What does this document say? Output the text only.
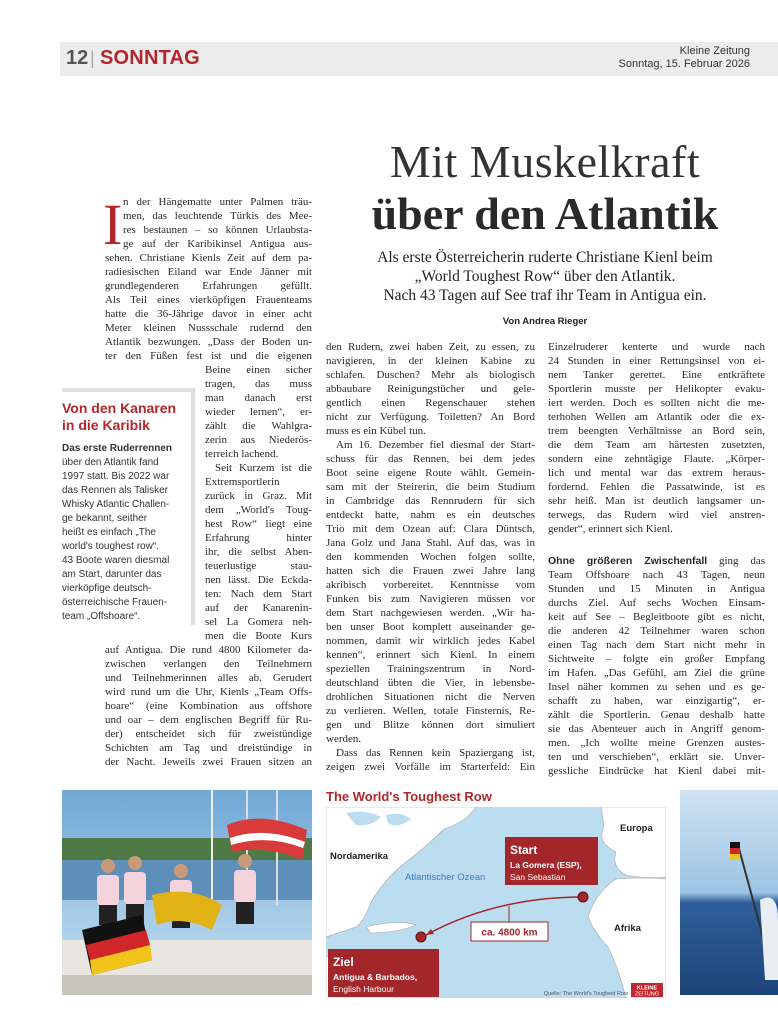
12 | SONNTAG	Kleine Zeitung
Sonntag, 15. Februar 2026
Mit Muskelkraft
über den Atlantik
Als erste Österreicherin ruderte Christiane Kienl beim
„World Toughest Row“ über den Atlantik.
Nach 43 Tagen auf See traf ihr Team in Antigua ein.
Von Andrea Rieger
I n der Hängematte unter Palmen träu-
men, das leuchtende Türkis des Mee-
res bestaunen – so können Urlaubsta-
ge auf der Karibikinsel Antigua aus-
sehen. Christiane Kienls Zeit auf dem pa-
radiesischen Eiland war Ende Jänner mit
grundlegenderen Erfahrungen gefüllt.
Als Teil eines vierköpfigen Frauenteams
hatte die 36-Jährige davor in einer acht
Meter kleinen Nussschale rudernd den
Atlantik bezwungen. „Dass der Boden un-
ter den Füßen fest ist und die eigenen
Beine einen sicher
tragen, das muss
man danach erst
wieder lernen“, er-
zählt die Wahlgra-
zerin aus Niederös-
terreich lachend.
Seit Kurzem ist die
Extremsportlerin
zurück in Graz. Mit
dem „World's Toug-
hest Row“ liegt eine
Erfahrung hinter
ihr, die selbst Aben-
teuerlustige stau-
nen lässt. Die Eckda-
ten: Nach dem Start
auf der Kanarenin-
sel La Gomera neh-
men die Boote Kurs
auf Antigua. Die rund 4800 Kilometer da-
zwischen verlangen den Teilnehmern
und Teilnehmerinnen alles ab. Gerudert
wird rund um die Uhr, Kienls „Team Offs-
hoare“ (eine Kombination aus offshore
und oar – dem englischen Begriff für Ru-
der) entscheidet sich für zweistündige
Schichten am Tag und dreistündige in
der Nacht. Jeweils zwei Frauen sitzen an
den Rudern, zwei haben Zeit, zu essen, zu
navigieren, in der kleinen Kabine zu
schlafen. Duschen? Mehr als biologisch
abbaubare Reinigungstücher und gele-
gentlich einen Regenschauer stehen
nicht zur Verfügung. Toiletten? An Bord
muss es ein Kübel tun.
Am 16. Dezember fiel diesmal der Start-
schuss für das Rennen, bei dem jedes
Boot seine eigene Route wählt. Gemein-
sam mit der Steirerin, die beim Studium
in Cambridge das Rennrudern für sich
entdeckt hatte, nahm es ein deutsches
Trio mit dem Ozean auf: Clara Düntsch,
Jana Golz und Jana Stahl. Auf das, was in
den kommenden Wochen folgen sollte,
hatten sich die Frauen zwei Jahre lang
akribisch vorbereitet. Kenntnisse vom
Funken bis zum Navigieren müssen vor
dem Start nachgewiesen werden. „Wir ha-
ben unser Boot komplett auseinander ge-
nommen, damit wir wirklich jedes Kabel
kennen“, erinnert sich Kienl. In einem
speziellen Trainingszentrum in Nord-
deutschland übten die Vier, in lebensbe-
drohlichen Situationen nicht die Nerven
zu verlieren. Wellen, totale Finsternis, Re-
gen und Blitze können dort simuliert
werden.
Dass das Rennen kein Spaziergang ist,
zeigen zwei Vorfälle im Starterfeld: Ein
Einzelruderer kenterte und wurde nach
24 Stunden in einer Rettungsinsel von ei-
nem Tanker gerettet. Eine entkräftete
Sportlerin musste per Helikopter evaku-
iert werden. Doch es sollten nicht die me-
terhohen Wellen am Atlantik oder die ex-
trem beengten Verhältnisse an Bord sein,
die dem Team am härtesten zusetzten,
sondern eine zehntägige Flaute. „Körper-
lich und mental war das extrem heraus-
fordernd. Fehlen die Passatwinde, ist es
sehr heiß. Man ist deutlich langsamer un-
terwegs, das Rudern wird viel anstren-
gender“, erinnert sich Kienl.
Ohne größeren Zwischenfall ging das
Team Offshoare nach 43 Tagen, neun
Stunden und 15 Minuten in Antigua
durchs Ziel. Auf sechs Wochen Einsam-
keit auf See – Begleitboote gibt es nicht,
die anderen 42 Teilnehmer waren schon
einen Tag nach dem Start nicht mehr in
Sichtweite – folgte ein großer Empfang
im Hafen. „Das Gefühl, am Ziel die grüne
Insel näher kommen zu sehen und es ge-
schafft zu haben, war einzigartig“, er-
zählt die Sportlerin. Genau deshalb hatte
sie das Abenteuer auch in Angriff genom-
men. „Ich wollte meine Grenzen austes-
ten und verschieben“, erklärt sie. Unver-
gessliche Eindrücke hat Kienl dabei mit-
Von den Kanaren
in die Karibik
Das erste Ruderrennen
über den Atlantik fand
1997 statt. Bis 2022 war
das Rennen als Talisker
Whisky Atlantic Challen-
ge bekannt, seither
heißt es einfach „The
world's toughest row“.
43 Boote waren diesmal
am Start, darunter das
vierköpfige deutsch-
österreichische Frauen-
team „Offshoare“.
The World's Toughest Row
Nordamerika
Atlantischer Ozean
Europa
Afrika
Start
La Gomera (ESP),
San Sebastian
ca. 4800 km
Ziel
Antigua & Barbados,
English Harbour	Quelle: The World's Toughest Row
KLEINE
ZEITUNG
